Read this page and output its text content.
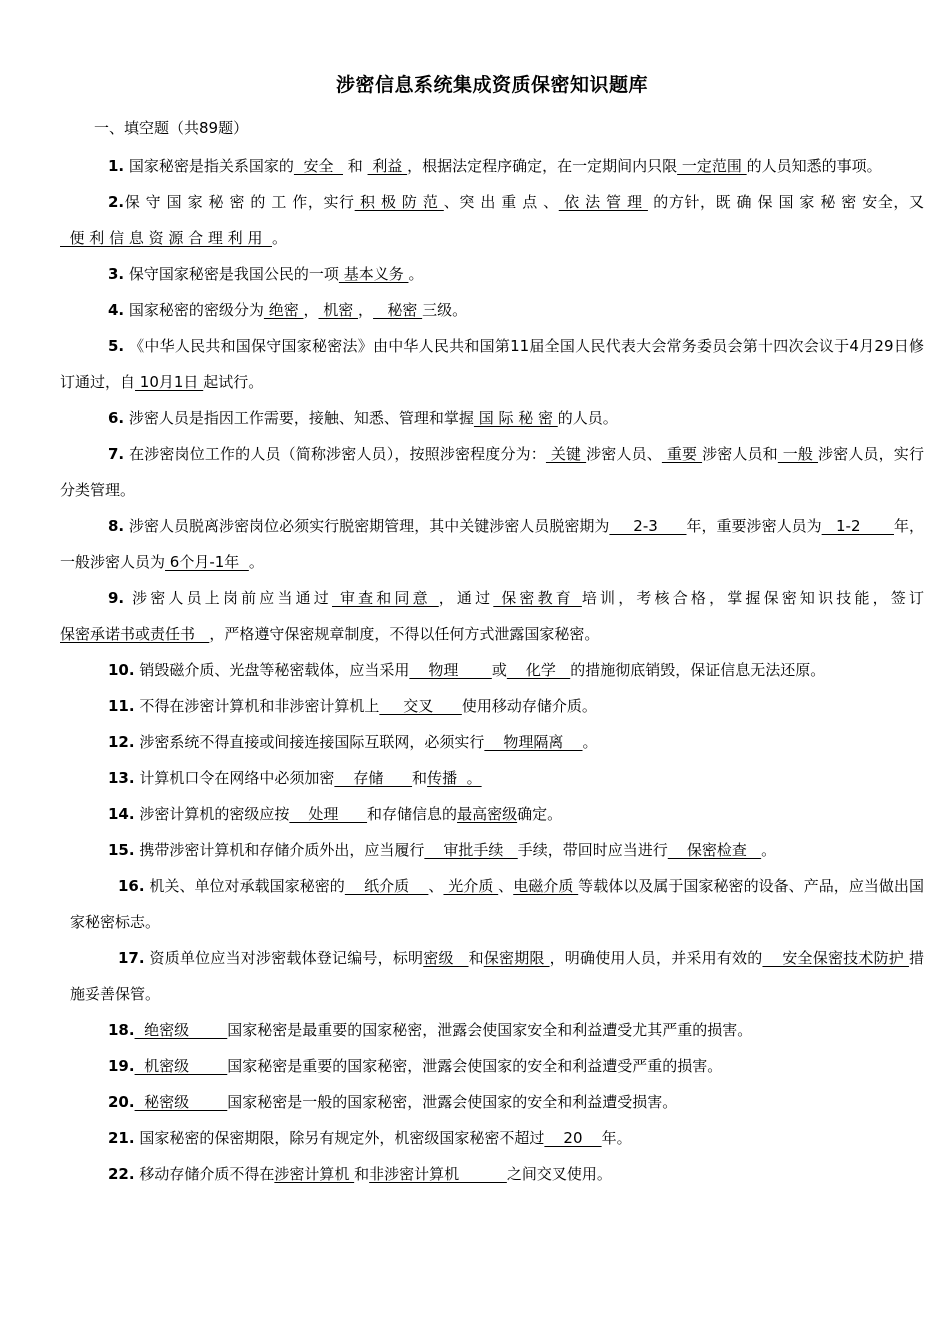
涉密信息系统集成资质保密知识题库
一、填空题（共89题）

1. 国家秘密是指关系国家的  安全   和  利益 ，根据法定程序确定，在一定期间内只限 一定范围 的人员知悉的事项。

2.保 守 国 家 秘 密 的 工 作，实行 积 极 防 范 、突 出 重 点 、 依 法 管 理  的方针，既 确 保 国 家 秘 密 安全，又  便 利 信 息 资 源 合 理 利 用  。

3. 保守国家秘密是我国公民的一项 基本义务 。

4. 国家秘密的密级分为 绝密 ， 机密 ，   秘密 三级。

5. 《中华人民共和国保守国家秘密法》由中华人民共和国第11届全国人民代表大会常务委员会第十四次会议于4月29日修订通过，自 10月1日 起试行。

6. 涉密人员是指因工作需要，接触、知悉、管理和掌握 国 际 秘 密 的人员。

7. 在涉密岗位工作的人员（简称涉密人员），按照涉密程度分为： 关键 涉密人员、 重要 涉密人员和 一般 涉密人员，实行分类管理。

8. 涉密人员脱离涉密岗位必须实行脱密期管理，其中关键涉密人员脱密期为     2-3      年，重要涉密人员为   1-2       年，一般涉密人员为 6个月-1年  。

9. 涉密人员上岗前应当通过 审查和同意 ，通过 保密教育 培训，考核合格，掌握保密知识技能，签订保密承诺书或责任书   ，严格遵守保密规章制度，不得以任何方式泄露国家秘密。

10. 销毁磁介质、光盘等秘密载体，应当采用    物理       或    化学   的措施彻底销毁，保证信息无法还原。

11. 不得在涉密计算机和非涉密计算机上     交叉      使用移动存储介质。

12. 涉密系统不得直接或间接连接国际互联网，必须实行    物理隔离    。

13. 计算机口令在网络中必须加密    存储      和传播  。

14. 涉密计算机的密级应按    处理      和存储信息的最高密级确定。

15. 携带涉密计算机和存储介质外出，应当履行    审批手续   手续，带回时应当进行    保密检查   。

16. 机关、单位对承载国家秘密的    纸介质    、 光介质 、电磁介质 等载体以及属于国家秘密的设备、产品，应当做出国家秘密标志。

17. 资质单位应当对涉密载体登记编号，标明密级   和保密期限 ，明确使用人员，并采用有效的    安全保密技术防护 措施妥善保管。

18.  绝密级        国家秘密是最重要的国家秘密，泄露会使国家安全和利益遭受尤其严重的损害。

19.  机密级        国家秘密是重要的国家秘密，泄露会使国家的安全和利益遭受严重的损害。

20.  秘密级        国家秘密是一般的国家秘密，泄露会使国家的安全和利益遭受损害。

21. 国家秘密的保密期限，除另有规定外，机密级国家秘密不超过    20    年。

22. 移动存储介质不得在涉密计算机 和非涉密计算机          之间交叉使用。
